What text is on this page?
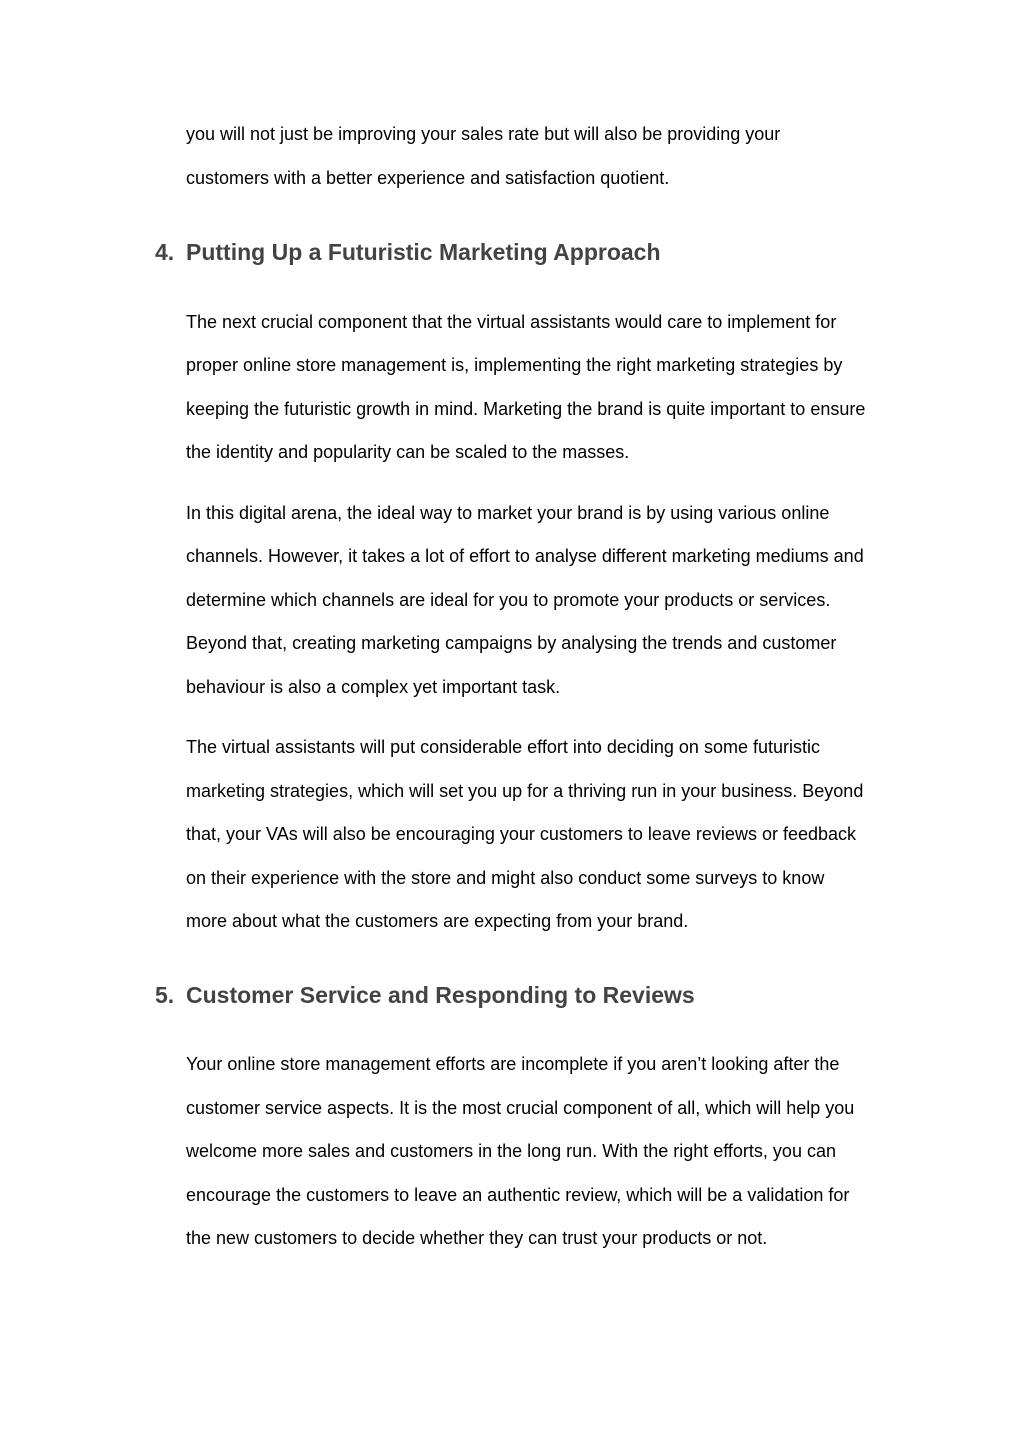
you will not just be improving your sales rate but will also be providing your
customers with a better experience and satisfaction quotient.
4. Putting Up a Futuristic Marketing Approach
The next crucial component that the virtual assistants would care to implement for
proper online store management is, implementing the right marketing strategies by
keeping the futuristic growth in mind. Marketing the brand is quite important to ensure
the identity and popularity can be scaled to the masses.
In this digital arena, the ideal way to market your brand is by using various online
channels. However, it takes a lot of effort to analyse different marketing mediums and
determine which channels are ideal for you to promote your products or services.
Beyond that, creating marketing campaigns by analysing the trends and customer
behaviour is also a complex yet important task.
The virtual assistants will put considerable effort into deciding on some futuristic
marketing strategies, which will set you up for a thriving run in your business. Beyond
that, your VAs will also be encouraging your customers to leave reviews or feedback
on their experience with the store and might also conduct some surveys to know
more about what the customers are expecting from your brand.
5. Customer Service and Responding to Reviews
Your online store management efforts are incomplete if you aren’t looking after the
customer service aspects. It is the most crucial component of all, which will help you
welcome more sales and customers in the long run. With the right efforts, you can
encourage the customers to leave an authentic review, which will be a validation for
the new customers to decide whether they can trust your products or not.
